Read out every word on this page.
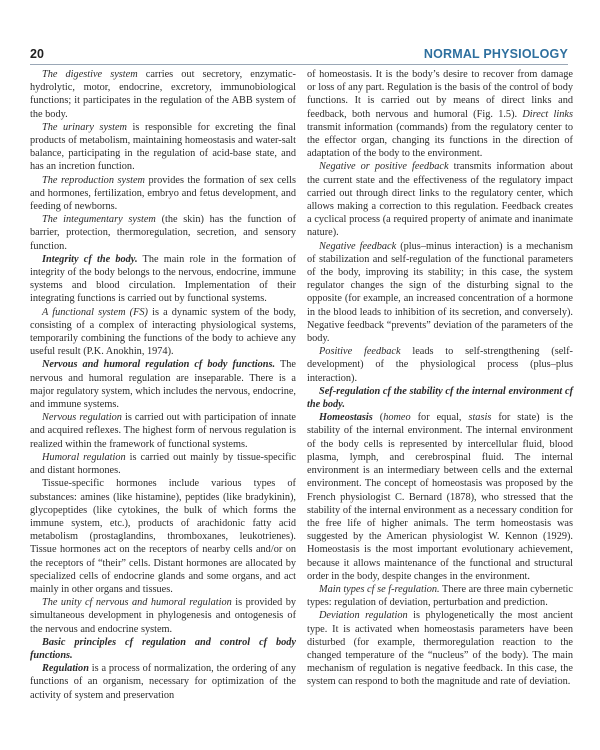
20	NORMAL PHYSIOLOGY

The digestive system carries out secretory, enzymatic-hydrolytic, motor, endocrine, excretory, immunobiological functions; it participates in the regulation of the ABB system of the body.

The urinary system is responsible for excreting the final products of metabolism, maintaining homeostasis and water-salt balance, participating in the regulation of acid-base state, and has an incretion function.

The reproduction system provides the formation of sex cells and hormones, fertilization, embryo and fetus development, and feeding of newborns.

The integumentary system (the skin) has the function of barrier, protection, thermoregulation, secretion, and sensory function.

Integrity cf the body. The main role in the formation of integrity of the body belongs to the nervous, endocrine, immune systems and blood circulation. Implementation of their integrating functions is carried out by functional systems.

A functional system (FS) is a dynamic system of the body, consisting of a complex of interacting physiological systems, temporarily combining the functions of the body to achieve any useful result (P.K. Anokhin, 1974).

Nervous and humoral regulation cf body functions. The nervous and humoral regulation are inseparable. There is a major regulatory system, which includes the nervous, endocrine, and immune systems.

Nervous regulation is carried out with participation of innate and acquired reflexes. The highest form of nervous regulation is realized within the framework of functional systems.

Humoral regulation is carried out mainly by tissue-specific and distant hormones.

Tissue-specific hormones include various types of substances: amines (like histamine), peptides (like bradykinin), glycopeptides (like cytokines, the bulk of which forms the immune system, etc.), products of arachidonic fatty acid metabolism (prostaglandins, thromboxanes, leukotrienes). Tissue hormones act on the receptors of nearby cells and/or on the receptors of “their” cells. Distant hormones are allocated by specialized cells of endocrine glands and some organs, and act mainly in other organs and tissues.

The unity cf nervous and humoral regulation is provided by simultaneous development in phylogenesis and ontogenesis of the nervous and endocrine system.

Basic principles cf regulation and control cf body functions.

Regulation is a process of normalization, the ordering of any functions of an organism, necessary for optimization of the activity of system and preservation

of homeostasis. It is the body’s desire to recover from damage or loss of any part. Regulation is the basis of the control of body functions. It is carried out by means of direct links and feedback, both nervous and humoral (Fig. 1.5). Direct links transmit information (commands) from the regulatory center to the effector organ, changing its functions in the direction of adaptation of the body to the environment.

Negative or positive feedback transmits information about the current state and the effectiveness of the regulatory impact carried out through direct links to the regulatory center, which allows making a correction to this regulation. Feedback creates a cyclical process (a required property of animate and inanimate nature).

Negative feedback (plus–minus interaction) is a mechanism of stabilization and self-regulation of the functional parameters of the body, improving its stability; in this case, the system regulator changes the sign of the disturbing signal to the opposite (for example, an increased concentration of a hormone in the blood leads to inhibition of its secretion, and conversely). Negative feedback “prevents” deviation of the parameters of the body.

Positive feedback leads to self-strengthening (self-development) of the physiological process (plus–plus interaction).

Sef-regulation cf the stability cf the internal environment cf the body.

Homeostasis (homeo for equal, stasis for state) is the stability of the internal environment. The internal environment of the body cells is represented by intercellular fluid, blood plasma, lymph, and cerebrospinal fluid. The internal environment is an intermediary between cells and the external environment. The concept of homeostasis was proposed by the French physiologist C. Bernard (1878), who stressed that the stability of the internal environment as a necessary condition for the free life of higher animals. The term homeostasis was suggested by the American physiologist W. Kennon (1929). Homeostasis is the most important evolutionary achievement, because it allows maintenance of the functional and structural order in the body, despite changes in the environment.

Main types cf se f-regulation. There are three main cybernetic types: regulation of deviation, perturbation and prediction.

Deviation regulation is phylogenetically the most ancient type. It is activated when homeostasis parameters have been disturbed (for example, thermoregulation reaction to the changed temperature of the “nucleus” of the body). The main mechanism of regulation is negative feedback. In this case, the system can respond to both the magnitude and rate of deviation.
